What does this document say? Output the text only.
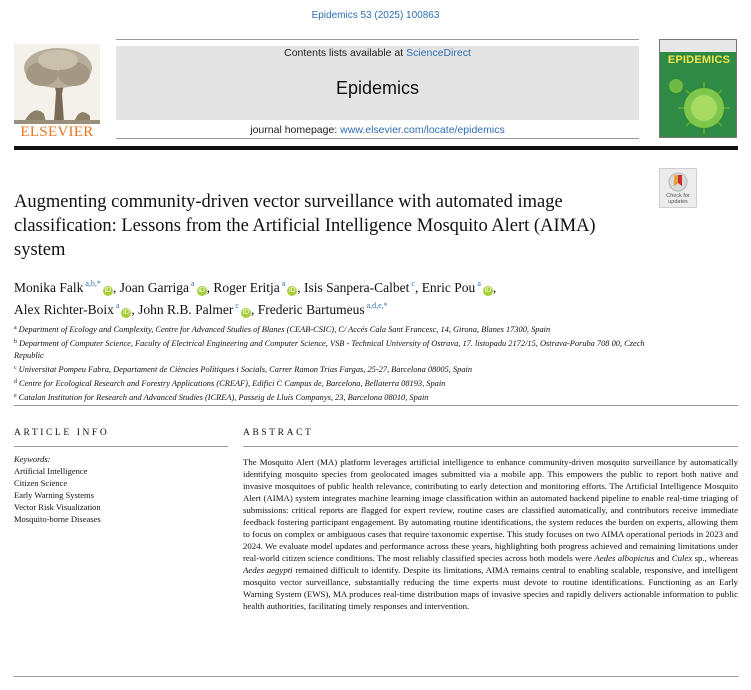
Epidemics 53 (2025) 100863
ELSEVIER
Contents lists available at ScienceDirect
Epidemics
journal homepage: www.elsevier.com/locate/epidemics
EPIDEMICS
Check for
updates
Augmenting community-driven vector surveillance with automated image classification: Lessons from the Artificial Intelligence Mosquito Alert (AIMA) system
Monika Falk $^{a,b,*}$iD , Joan Garriga $^a$iD , Roger Eritja $^a$iD , Isis Sanpera-Calbet $^c$, Enric Pou $^a$iD ,
Alex Richter-Boix $^a$iD , John R.B. Palmer $^c$iD , Frederic Bartumeus $^{a,d,e,*}$
$^a$ Department of Ecology and Complexity, Centre for Advanced Studies of Blanes (CEAB-CSIC), C/ Accés Cala Sant Francesc, 14, Girona, Blanes 17300, Spain
$^b$ Department of Computer Science, Faculty of Electrical Engineering and Computer Science, VSB - Technical University of Ostrava, 17. listopadu 2172/15, Ostrava-Poruba 708 00, Czech Republic
$^c$ Universitat Pompeu Fabra, Departament de Ciències Polítiques i Socials, Carrer Ramon Trias Fargas, 25-27, Barcelona 08005, Spain
$^d$ Centre for Ecological Research and Forestry Applications (CREAF), Edifici C Campus de, Barcelona, Bellaterra 08193, Spain
$^e$ Catalan Institution for Research and Advanced Studies (ICREA), Passeig de Lluís Companys, 23, Barcelona 08010, Spain
ARTICLE INFO
Keywords:
Artificial Intelligence
Citizen Science
Early Warning Systems
Vector Risk Visualization
Mosquito-borne Diseases
ABSTRACT

The Mosquito Alert (MA) platform leverages artificial intelligence to enhance community-driven mosquito surveillance by automatically identifying mosquito species from geolocated images submitted via a mobile app. This empowers the public to report both native and invasive mosquitoes of public health relevance, contributing to early detection and monitoring efforts. The Artificial Intelligence Mosquito Alert (AIMA) system integrates machine learning image classification within an automated backend pipeline to enable real-time triaging of submissions: critical reports are flagged for expert review, routine cases are classified automatically, and contributors receive immediate feedback fostering participant engagement. By automating routine identifications, the system reduces the burden on experts, allowing them to focus on complex or ambiguous cases that require taxonomic expertise. This study focuses on two AIMA operational periods in 2023 and 2024. We evaluate model updates and performance across these years, highlighting both progress achieved and remaining limitations under real-world citizen science conditions. The most reliably classified species across both models were Aedes albopictus and Culex sp., whereas Aedes aegypti remained difficult to identify. Despite its limitations, AIMA remains central to enabling scalable, responsive, and intelligent mosquito vector surveillance, substantially reducing the time experts must devote to routine identifications. Functioning as an Early Warning System (EWS), MA produces real-time distribution maps of invasive species and rapidly delivers actionable information to public health authorities, facilitating timely responses and intervention.
